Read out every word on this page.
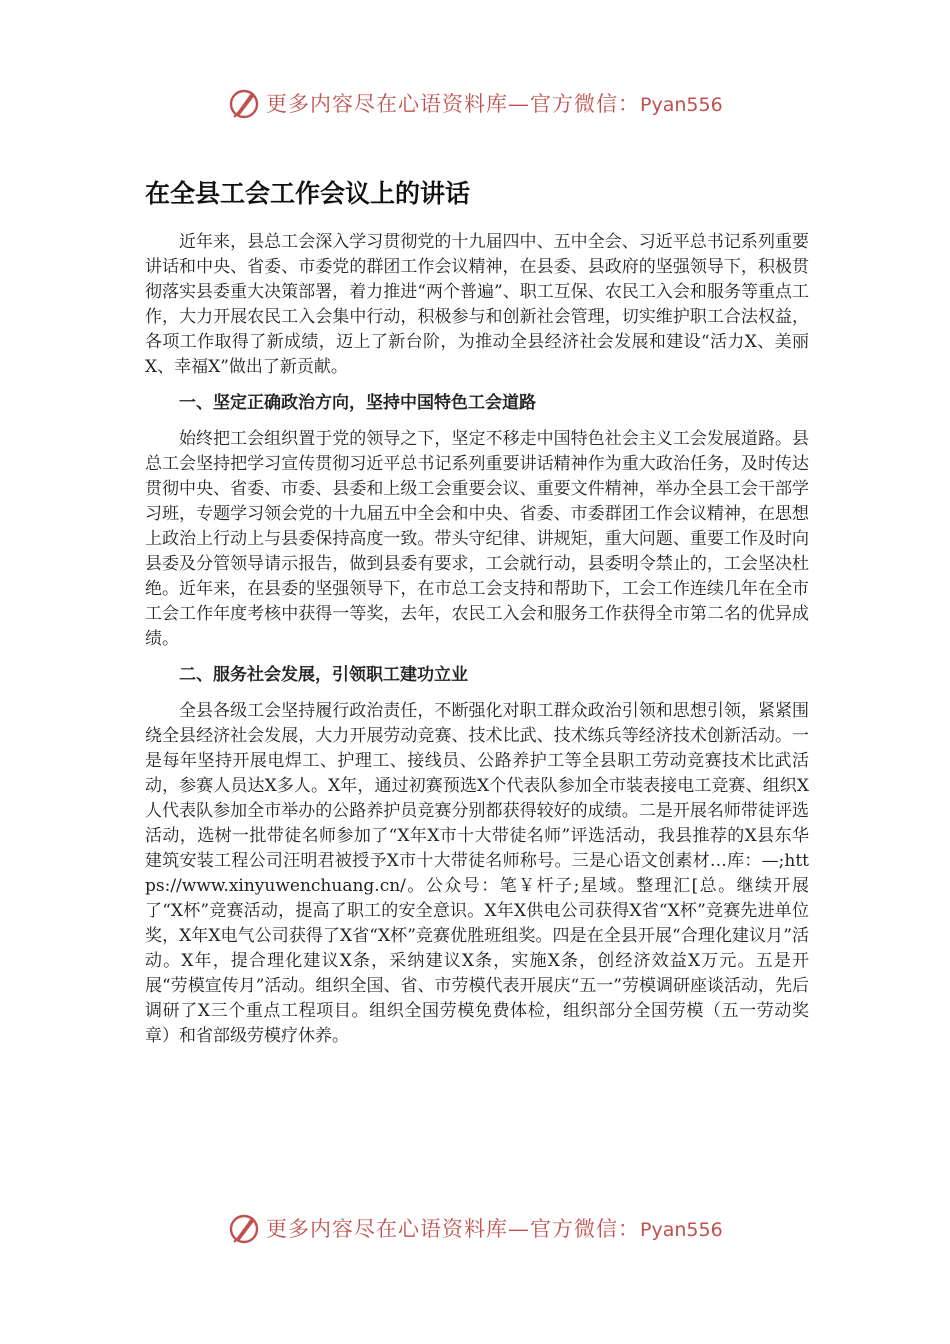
更多内容尽在心语资料库—官方微信：Pyan556
在全县工会工作会议上的讲话

近年来，县总工会深入学习贯彻党的十九届四中、五中全会、习近平总书记系列重要讲话和中央、省委、市委党的群团工作会议精神，在县委、县政府的坚强领导下，积极贯彻落实县委重大决策部署，着力推进“两个普遍”、职工互保、农民工入会和服务等重点工作，大力开展农民工入会集中行动，积极参与和创新社会管理，切实维护职工合法权益，各项工作取得了新成绩，迈上了新台阶，为推动全县经济社会发展和建设“活力X、美丽X、幸福X”做出了新贡献。

一、坚定正确政治方向，坚持中国特色工会道路

始终把工会组织置于党的领导之下，坚定不移走中国特色社会主义工会发展道路。县总工会坚持把学习宣传贯彻习近平总书记系列重要讲话精神作为重大政治任务，及时传达贯彻中央、省委、市委、县委和上级工会重要会议、重要文件精神，举办全县工会干部学习班，专题学习领会党的十九届五中全会和中央、省委、市委群团工作会议精神，在思想上政治上行动上与县委保持高度一致。带头守纪律、讲规矩，重大问题、重要工作及时向县委及分管领导请示报告，做到县委有要求，工会就行动，县委明令禁止的，工会坚决杜绝。近年来，在县委的坚强领导下，在市总工会支持和帮助下，工会工作连续几年在全市工会工作年度考核中获得一等奖，去年，农民工入会和服务工作获得全市第二名的优异成绩。

二、服务社会发展，引领职工建功立业

全县各级工会坚持履行政治责任，不断强化对职工群众政治引领和思想引领，紧紧围绕全县经济社会发展，大力开展劳动竞赛、技术比武、技术练兵等经济技术创新活动。一是每年坚持开展电焊工、护理工、接线员、公路养护工等全县职工劳动竞赛技术比武活动，参赛人员达X多人。X年，通过初赛预选X个代表队参加全市装表接电工竞赛、组织X人代表队参加全市举办的公路养护员竞赛分别都获得较好的成绩。二是开展名师带徒评选活动，选树一批带徒名师参加了“X年X市十大带徒名师”评选活动，我县推荐的X县东华建筑安装工程公司汪明君被授予X市十大带徒名师称号。三是心语文创素材…库：—;https://www.xinyuwenchuang.cn/。公众号：笔￥杆子;星域。整理汇[总。继续开展了“X杯”竞赛活动，提高了职工的安全意识。X年X供电公司获得X省“X杯”竞赛先进单位奖，X年X电气公司获得了X省“X杯”竞赛优胜班组奖。四是在全县开展“合理化建议月”活动。X年，提合理化建议X条，采纳建议X条，实施X条，创经济效益X万元。五是开展“劳模宣传月”活动。组织全国、省、市劳模代表开展庆“五一”劳模调研座谈活动，先后调研了X三个重点工程项目。组织全国劳模免费体检，组织部分全国劳模（五一劳动奖章）和省部级劳模疗休养。

更多内容尽在心语资料库—官方微信：Pyan556
